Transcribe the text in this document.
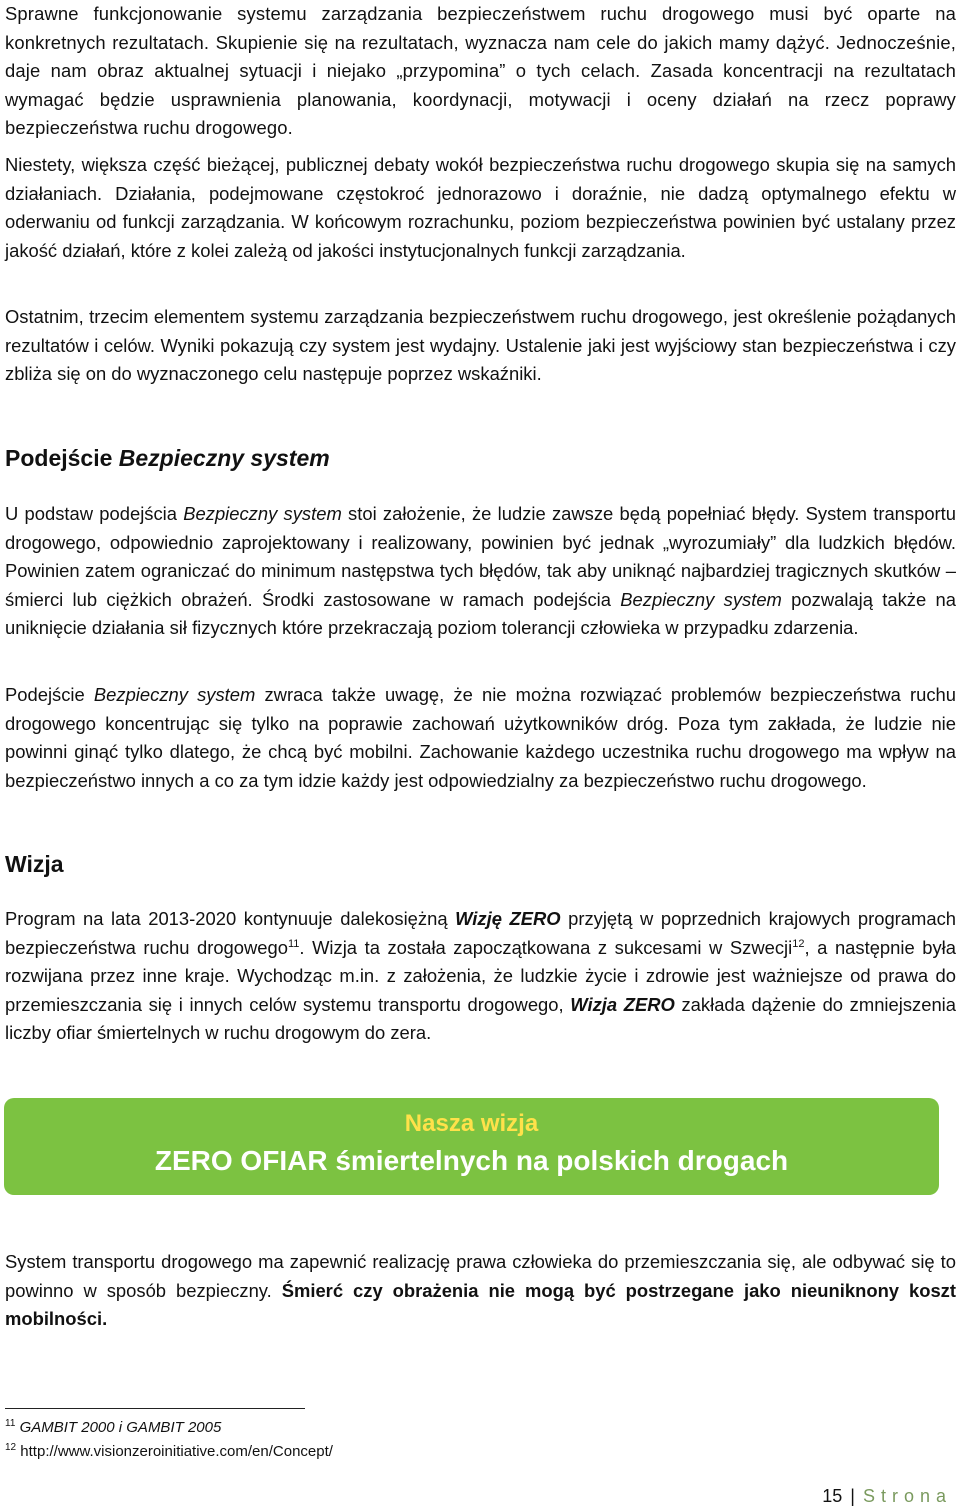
Sprawne funkcjonowanie systemu zarządzania bezpieczeństwem ruchu drogowego musi być oparte na konkretnych rezultatach. Skupienie się na rezultatach, wyznacza nam cele do jakich mamy dążyć. Jednocześnie, daje nam obraz aktualnej sytuacji i niejako „przypomina” o tych celach. Zasada koncentracji na rezultatach wymagać będzie usprawnienia planowania, koordynacji, motywacji i oceny działań na rzecz poprawy bezpieczeństwa ruchu drogowego.

Niestety, większa część bieżącej, publicznej debaty wokół bezpieczeństwa ruchu drogowego skupia się na samych działaniach. Działania, podejmowane częstokroć jednorazowo i doraźnie, nie dadzą optymalnego efektu w oderwaniu od funkcji zarządzania. W końcowym rozrachunku, poziom bezpieczeństwa powinien być ustalany przez jakość działań, które z kolei zależą od jakości instytucjonalnych funkcji zarządzania.

Ostatnim, trzecim elementem systemu zarządzania bezpieczeństwem ruchu drogowego, jest określenie pożądanych rezultatów i celów. Wyniki pokazują czy system jest wydajny. Ustalenie jaki jest wyjściowy stan bezpieczeństwa i czy zbliża się on do wyznaczonego celu następuje poprzez wskaźniki.

Podejście Bezpieczny system

U podstaw podejścia Bezpieczny system stoi założenie, że ludzie zawsze będą popełniać błędy. System transportu drogowego, odpowiednio zaprojektowany i realizowany, powinien być jednak „wyrozumiały” dla ludzkich błędów. Powinien zatem ograniczać do minimum następstwa tych błędów, tak aby uniknąć najbardziej tragicznych skutków – śmierci lub ciężkich obrażeń. Środki zastosowane w ramach podejścia Bezpieczny system pozwalają także na uniknięcie działania sił fizycznych które przekraczają poziom tolerancji człowieka w przypadku zdarzenia.

Podejście Bezpieczny system zwraca także uwagę, że nie można rozwiązać problemów bezpieczeństwa ruchu drogowego koncentrując się tylko na poprawie zachowań użytkowników dróg. Poza tym zakłada, że ludzie nie powinni ginąć tylko dlatego, że chcą być mobilni. Zachowanie każdego uczestnika ruchu drogowego ma wpływ na bezpieczeństwo innych a co za tym idzie każdy jest odpowiedzialny za bezpieczeństwo ruchu drogowego.

Wizja

Program na lata 2013-2020 kontynuuje dalekosiężną Wizję ZERO przyjętą w poprzednich krajowych programach bezpieczeństwa ruchu drogowego$^{11}$. Wizja ta została zapoczątkowana z sukcesami w Szwecji$^{12}$, a następnie była rozwijana przez inne kraje. Wychodząc m.in. z założenia, że ludzkie życie i zdrowie jest ważniejsze od prawa do przemieszczania się i innych celów systemu transportu drogowego, Wizja ZERO zakłada dążenie do zmniejszenia liczby ofiar śmiertelnych w ruchu drogowym do zera.

System transportu drogowego ma zapewnić realizację prawa człowieka do przemieszczania się, ale odbywać się to powinno w sposób bezpieczny. Śmierć czy obrażenia nie mogą być postrzegane jako nieuniknony koszt mobilności.

Nasza wizja
ZERO OFIAR śmiertelnych na polskich drogach
$^{11}$ GAMBIT 2000 i GAMBIT 2005
$^{12}$ http://www.visionzeroinitiative.com/en/Concept/
15 | Strona
